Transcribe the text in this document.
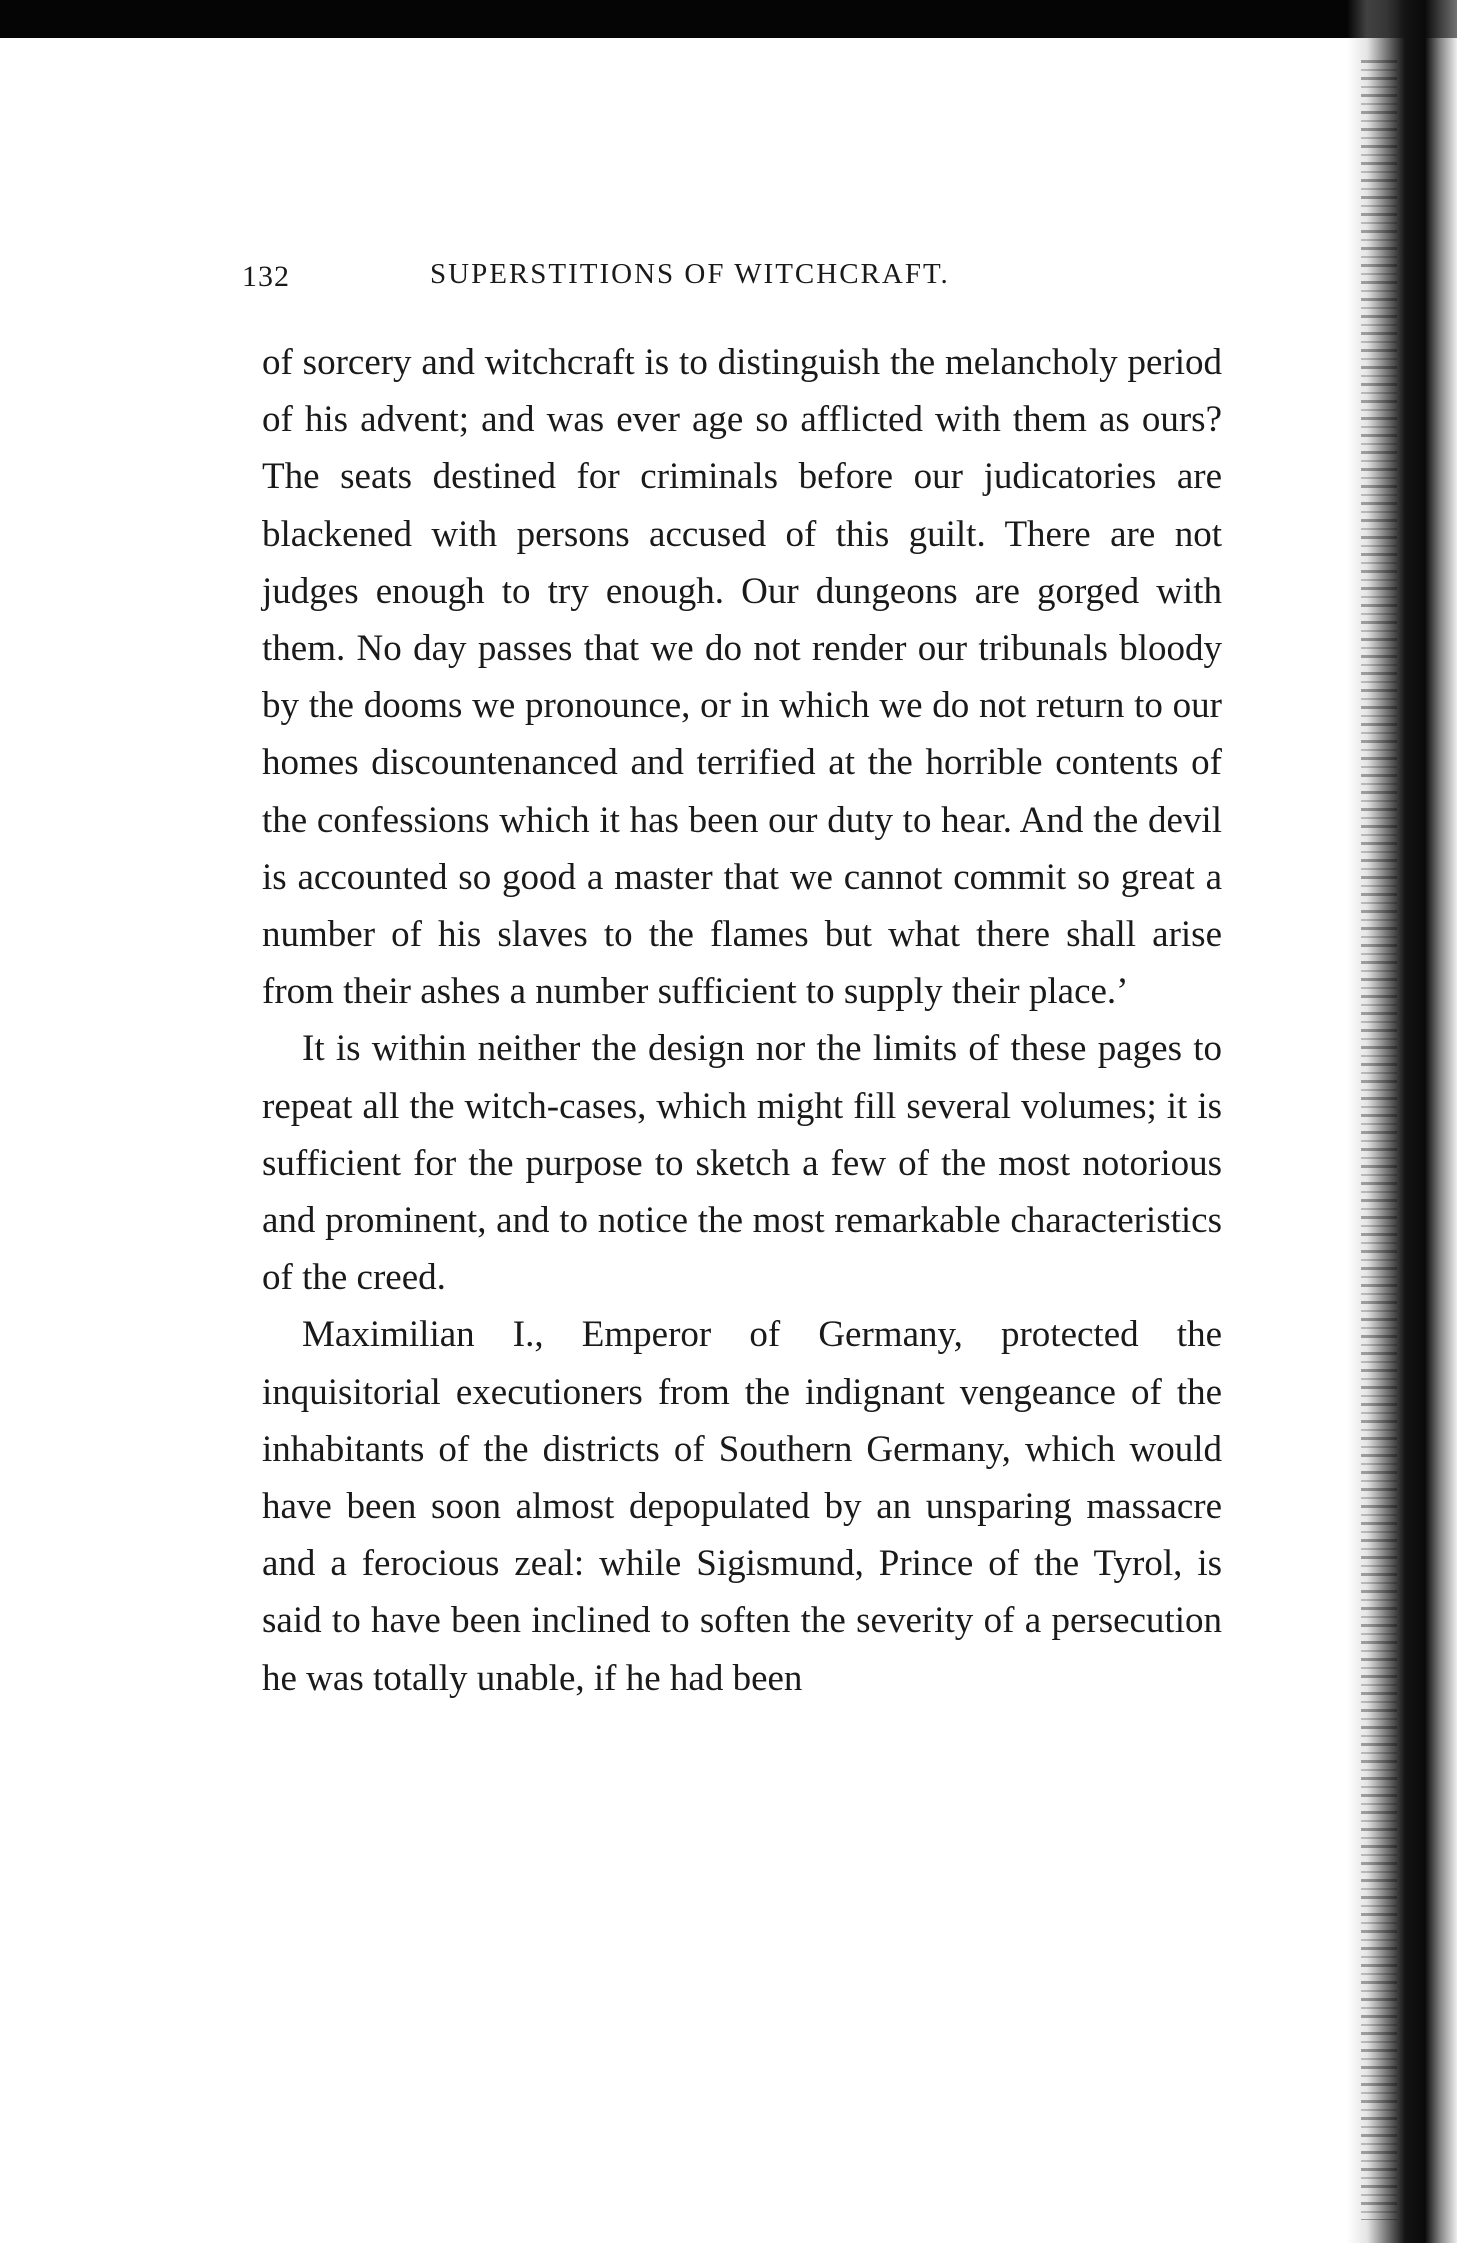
132	SUPERSTITIONS OF WITCHCRAFT.

of sorcery and witchcraft is to distinguish the melancholy period of his advent; and was ever age so afflicted with them as ours? The seats destined for criminals before our judicatories are blackened with persons accused of this guilt. There are not judges enough to try enough. Our dungeons are gorged with them. No day passes that we do not render our tribunals bloody by the dooms we pronounce, or in which we do not return to our homes discountenanced and terrified at the horrible contents of the confessions which it has been our duty to hear. And the devil is accounted so good a master that we cannot commit so great a number of his slaves to the flames but what there shall arise from their ashes a number sufficient to supply their place.’

It is within neither the design nor the limits of these pages to repeat all the witch-cases, which might fill several volumes; it is sufficient for the purpose to sketch a few of the most notorious and prominent, and to notice the most remarkable characteristics of the creed.

Maximilian I., Emperor of Germany, protected the inquisitorial executioners from the indignant vengeance of the inhabitants of the districts of Southern Germany, which would have been soon almost depopulated by an unsparing massacre and a ferocious zeal: while Sigismund, Prince of the Tyrol, is said to have been inclined to soften the severity of a persecution he was totally unable, if he had been
